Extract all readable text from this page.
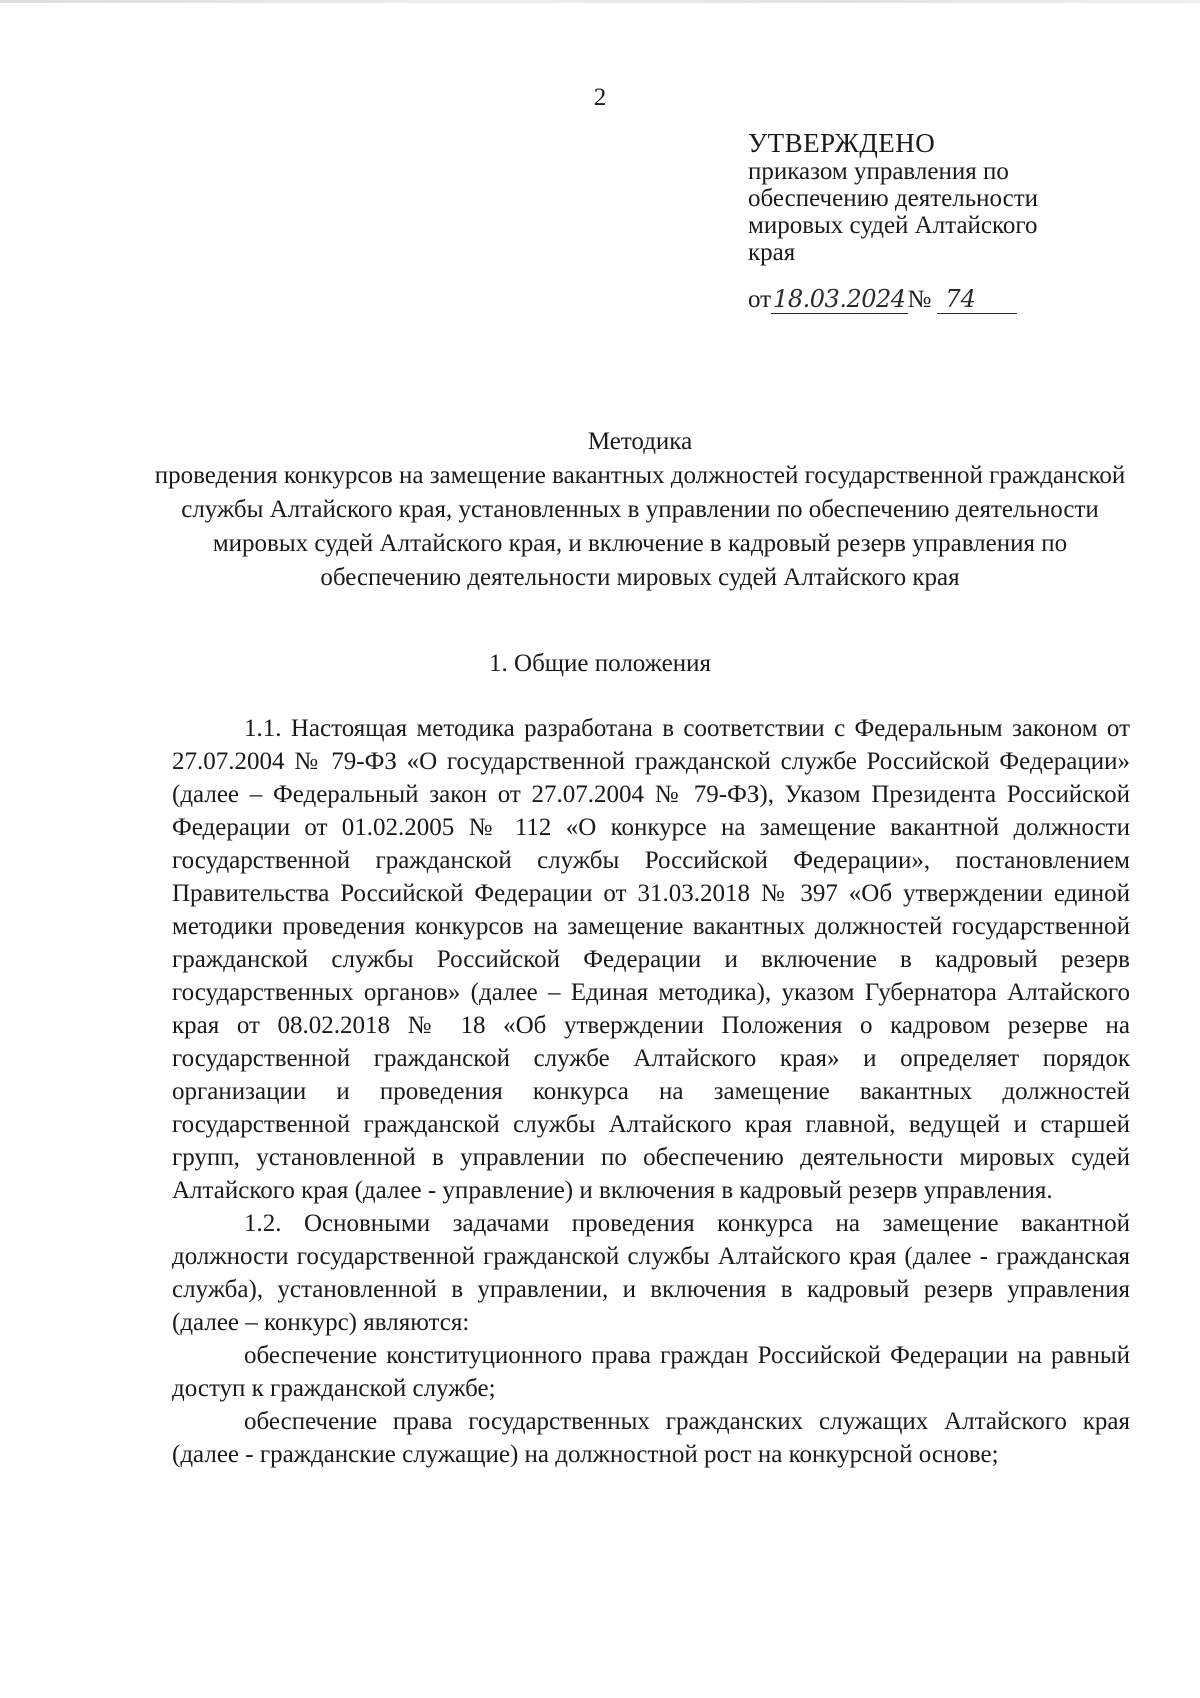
2
УТВЕРЖДЕНО
приказом управления по
обеспечению деятельности
мировых судей Алтайского
края
от18.03.2024№ 74
Методика
проведения конкурсов на замещение вакантных должностей государственной гражданской службы Алтайского края, установленных в управлении по обеспечению деятельности мировых судей Алтайского края, и включение в кадровый резерв управления по обеспечению деятельности мировых судей Алтайского края
1. Общие положения

1.1. Настоящая методика разработана в соответствии с Федеральным законом от 27.07.2004 № 79-ФЗ «О государственной гражданской службе Российской Федерации» (далее – Федеральный закон от 27.07.2004 № 79-ФЗ), Указом Президента Российской Федерации от 01.02.2005 № 112 «О конкурсе на замещение вакантной должности государственной гражданской службы Российской Федерации», постановлением Правительства Российской Федерации от 31.03.2018 № 397 «Об утверждении единой методики проведения конкурсов на замещение вакантных должностей государственной гражданской службы Российской Федерации и включение в кадровый резерв государственных органов» (далее – Единая методика), указом Губернатора Алтайского края от 08.02.2018 № 18 «Об утверждении Положения о кадровом резерве на государственной гражданской службе Алтайского края» и определяет порядок организации и проведения конкурса на замещение вакантных должностей государственной гражданской службы Алтайского края главной, ведущей и старшей групп, установленной в управлении по обеспечению деятельности мировых судей Алтайского края (далее - управление) и включения в кадровый резерв управления.

1.2. Основными задачами проведения конкурса на замещение вакантной должности государственной гражданской службы Алтайского края (далее - гражданская служба), установленной в управлении, и включения в кадровый резерв управления (далее – конкурс) являются:

обеспечение конституционного права граждан Российской Федерации на равный доступ к гражданской службе;

обеспечение права государственных гражданских служащих Алтайского края (далее - гражданские служащие) на должностной рост на конкурсной основе;
